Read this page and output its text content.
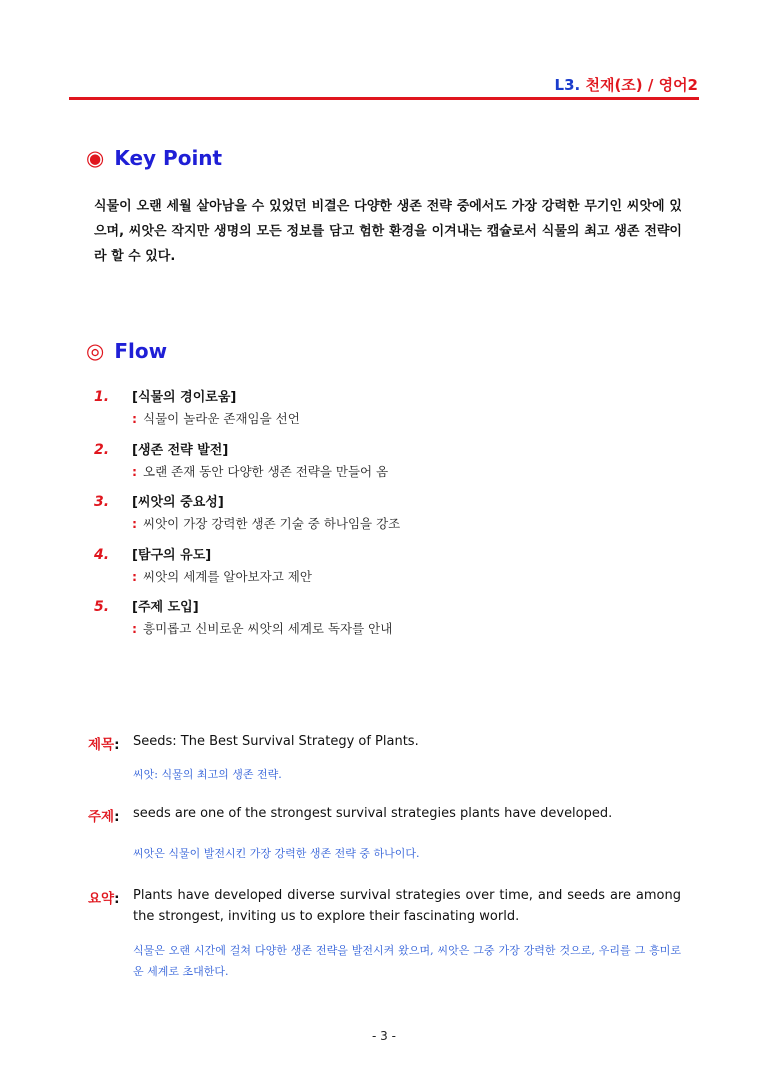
L3. 천재(조) / 영어2
◉ Key Point
식물이 오랜 세월 살아남을 수 있었던 비결은 다양한 생존 전략 중에서도 가장 강력한 무기인 씨앗에 있으며, 씨앗은 작지만 생명의 모든 정보를 담고 험한 환경을 이겨내는 캡슐로서 식물의 최고 생존 전략이라 할 수 있다.
◎ Flow
1.	[식물의 경이로움]
: 식물이 놀라운 존재임을 선언
2.	[생존 전략 발전]
: 오랜 존재 동안 다양한 생존 전략을 만들어 옴
3.	[씨앗의 중요성]
: 씨앗이 가장 강력한 생존 기술 중 하나임을 강조
4.	[탐구의 유도]
: 씨앗의 세계를 알아보자고 제안
5.	[주제 도입]
: 흥미롭고 신비로운 씨앗의 세계로 독자를 안내
제목: Seeds: The Best Survival Strategy of Plants.
씨앗: 식물의 최고의 생존 전략.
주제: seeds are one of the strongest survival strategies plants have developed.
씨앗은 식물이 발전시킨 가장 강력한 생존 전략 중 하나이다.
요약: Plants have developed diverse survival strategies over time, and seeds are among the strongest, inviting us to explore their fascinating world.
식물은 오랜 시간에 걸쳐 다양한 생존 전략을 발전시켜 왔으며, 씨앗은 그중 가장 강력한 것으로, 우리를 그 흥미로운 세계로 초대한다.
- 3 -
